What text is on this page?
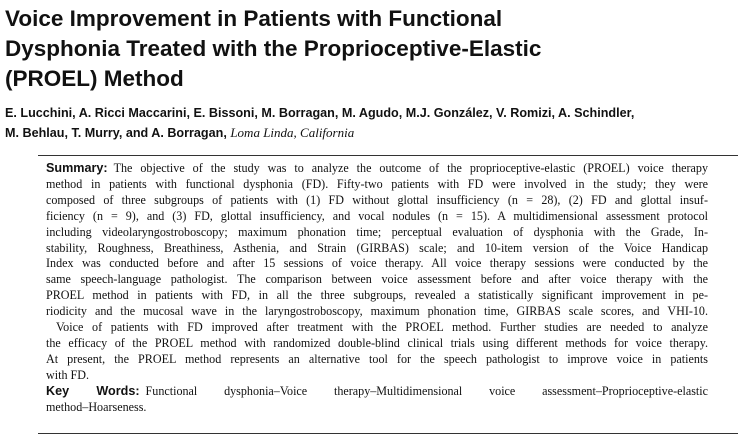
Voice Improvement in Patients with Functional
Dysphonia Treated with the Proprioceptive-Elastic
(PROEL) Method
E. Lucchini, A. Ricci Maccarini, E. Bissoni, M. Borragan, M. Agudo, M.J. González, V. Romizi, A. Schindler,
M. Behlau, T. Murry, and A. Borragan, Loma Linda, California
Summary: The objective of the study was to analyze the outcome of the proprioceptive-elastic (PROEL) voice therapy
method in patients with functional dysphonia (FD). Fifty-two patients with FD were involved in the study; they were
composed of three subgroups of patients with (1) FD without glottal insufficiency (n = 28), (2) FD and glottal insuf-
ficiency (n = 9), and (3) FD, glottal insufficiency, and vocal nodules (n = 15). A multidimensional assessment protocol
including videolaryngostroboscopy; maximum phonation time; perceptual evaluation of dysphonia with the Grade, In-
stability, Roughness, Breathiness, Asthenia, and Strain (GIRBAS) scale; and 10-item version of the Voice Handicap
Index was conducted before and after 15 sessions of voice therapy. All voice therapy sessions were conducted by the
same speech-language pathologist. The comparison between voice assessment before and after voice therapy with the
PROEL method in patients with FD, in all the three subgroups, revealed a statistically significant improvement in pe-
riodicity and the mucosal wave in the laryngostroboscopy, maximum phonation time, GIRBAS scale scores, and VHI-10.
Voice of patients with FD improved after treatment with the PROEL method. Further studies are needed to analyze
the efficacy of the PROEL method with randomized double-blind clinical trials using different methods for voice therapy.
At present, the PROEL method represents an alternative tool for the speech pathologist to improve voice in patients
with FD.
Key Words: Functional dysphonia–Voice therapy–Multidimensional voice assessment–Proprioceptive-elastic
method–Hoarseness.
